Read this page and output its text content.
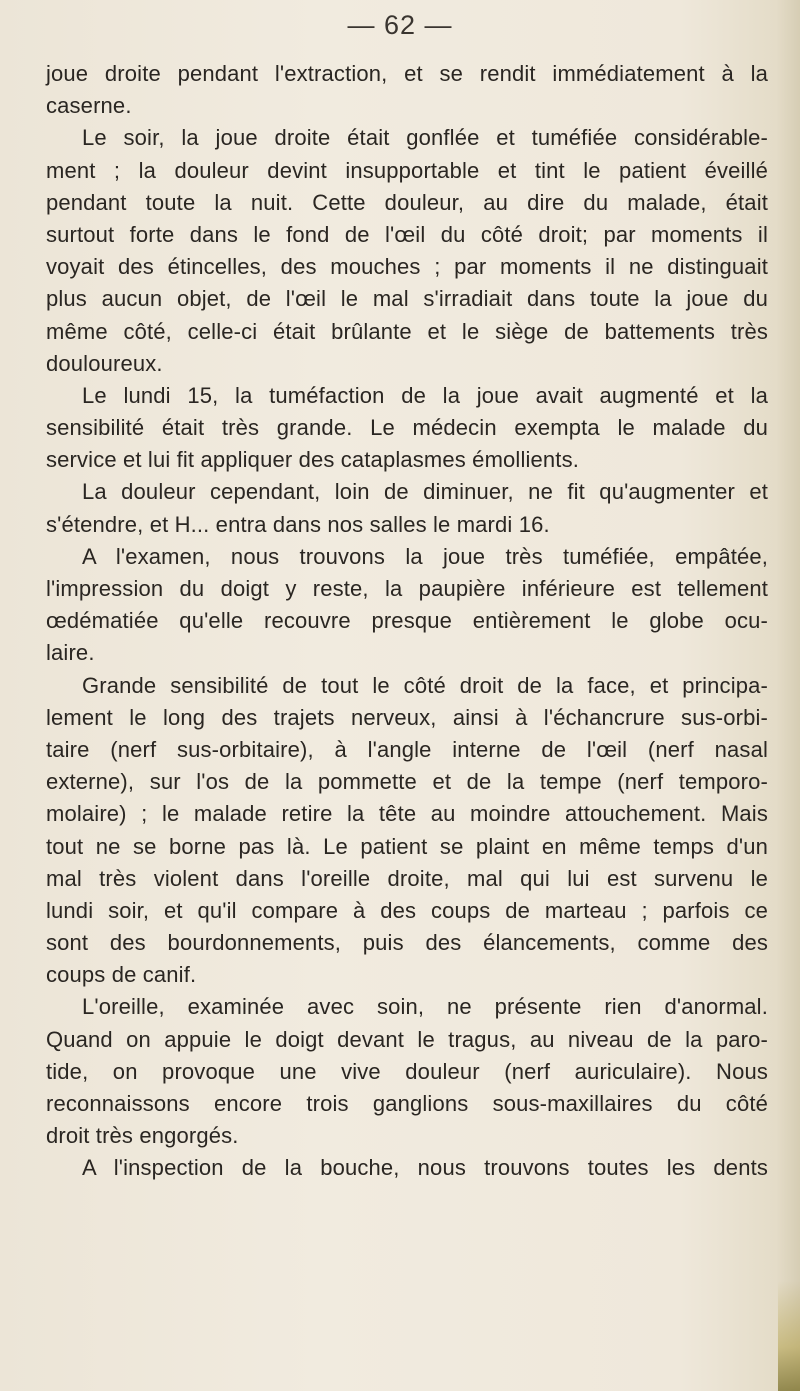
— 62 —
joue droite pendant l'extraction, et se rendit immédiatement à la
caserne.
Le soir, la joue droite était gonflée et tuméfiée considérable-
ment ; la douleur devint insupportable et tint le patient éveillé
pendant toute la nuit. Cette douleur, au dire du malade, était
surtout forte dans le fond de l'œil du côté droit; par moments il
voyait des étincelles, des mouches ; par moments il ne distinguait
plus aucun objet, de l'œil le mal s'irradiait dans toute la joue du
même côté, celle-ci était brûlante et le siège de battements très
douloureux.
Le lundi 15, la tuméfaction de la joue avait augmenté et la
sensibilité était très grande. Le médecin exempta le malade du
service et lui fit appliquer des cataplasmes émollients.
La douleur cependant, loin de diminuer, ne fit qu'augmenter et
s'étendre, et H... entra dans nos salles le mardi 16.
A l'examen, nous trouvons la joue très tuméfiée, empâtée,
l'impression du doigt y reste, la paupière inférieure est tellement
œdématiée qu'elle recouvre presque entièrement le globe ocu-
laire.
Grande sensibilité de tout le côté droit de la face, et principa-
lement le long des trajets nerveux, ainsi à l'échancrure sus-orbi-
taire (nerf sus-orbitaire), à l'angle interne de l'œil (nerf nasal
externe), sur l'os de la pommette et de la tempe (nerf temporo-
molaire) ; le malade retire la tête au moindre attouchement. Mais
tout ne se borne pas là. Le patient se plaint en même temps d'un
mal très violent dans l'oreille droite, mal qui lui est survenu le
lundi soir, et qu'il compare à des coups de marteau ; parfois ce
sont des bourdonnements, puis des élancements, comme des
coups de canif.
L'oreille, examinée avec soin, ne présente rien d'anormal.
Quand on appuie le doigt devant le tragus, au niveau de la paro-
tide, on provoque une vive douleur (nerf auriculaire). Nous
reconnaissons encore trois ganglions sous-maxillaires du côté
droit très engorgés.
A l'inspection de la bouche, nous trouvons toutes les dents
